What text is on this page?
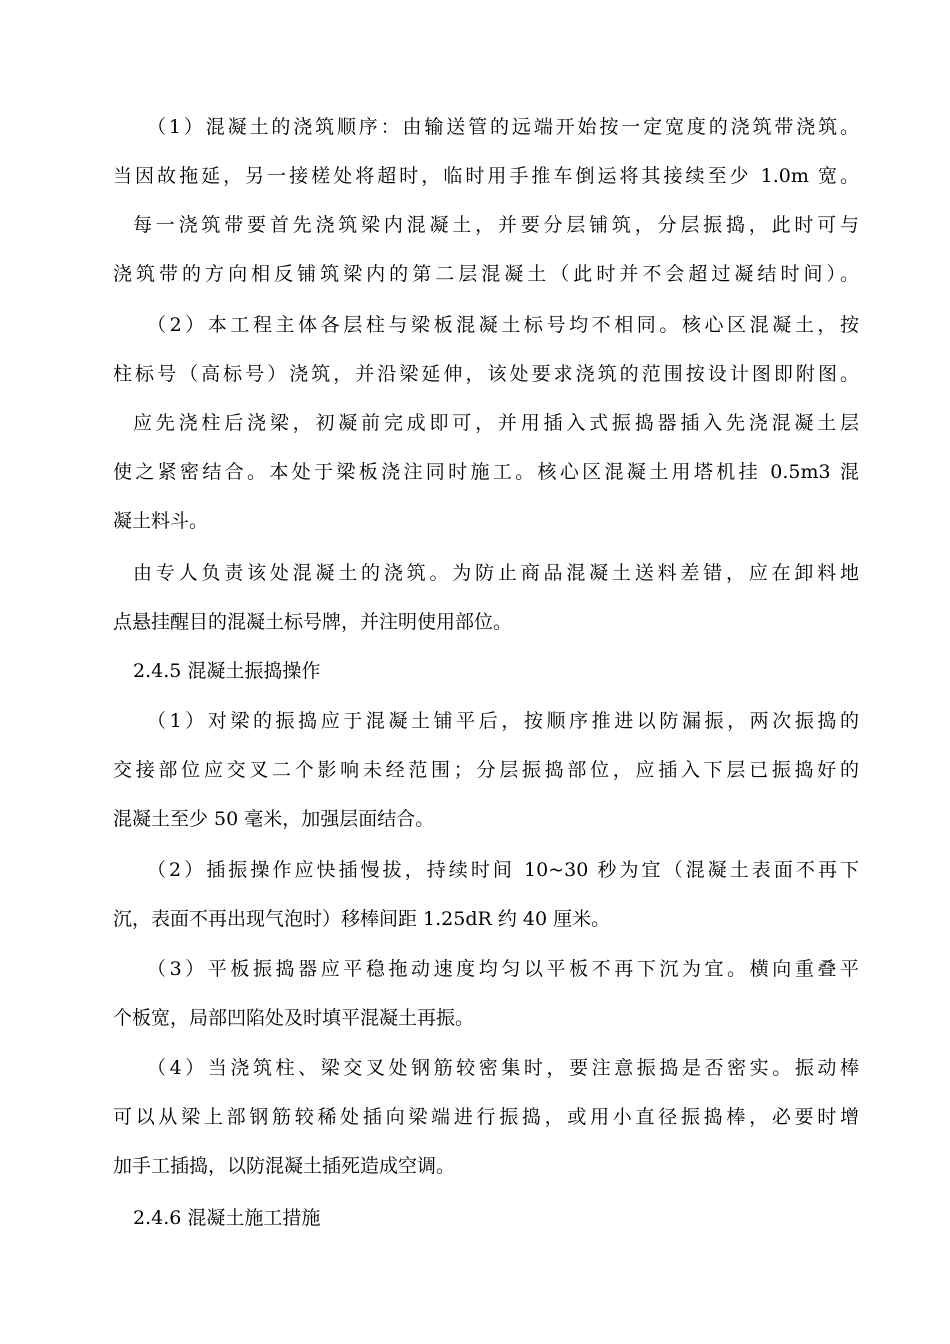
（1）混凝土的浇筑顺序：由输送管的远端开始按一定宽度的浇筑带浇筑。
当因故拖延，另一接槎处将超时，临时用手推车倒运将其接续至少 1.0m 宽。
每一浇筑带要首先浇筑梁内混凝土，并要分层铺筑，分层振捣，此时可与
浇筑带的方向相反铺筑梁内的第二层混凝土（此时并不会超过凝结时间）。
（2）本工程主体各层柱与梁板混凝土标号均不相同。核心区混凝土，按
柱标号（高标号）浇筑，并沿梁延伸，该处要求浇筑的范围按设计图即附图。
应先浇柱后浇梁，初凝前完成即可，并用插入式振捣器插入先浇混凝土层
使之紧密结合。本处于梁板浇注同时施工。核心区混凝土用塔机挂 0.5m3 混
凝土料斗。
由专人负责该处混凝土的浇筑。为防止商品混凝土送料差错，应在卸料地
点悬挂醒目的混凝土标号牌，并注明使用部位。
2.4.5 混凝土振捣操作
（1）对梁的振捣应于混凝土铺平后，按顺序推进以防漏振，两次振捣的
交接部位应交叉二个影响未经范围；分层振捣部位，应插入下层已振捣好的
混凝土至少 50 毫米，加强层面结合。
（2）插振操作应快插慢拔，持续时间 10~30 秒为宜（混凝土表面不再下
沉，表面不再出现气泡时）移棒间距 1.25dR 约 40 厘米。
（3）平板振捣器应平稳拖动速度均匀以平板不再下沉为宜。横向重叠平
个板宽，局部凹陷处及时填平混凝土再振。
（4）当浇筑柱、梁交叉处钢筋较密集时，要注意振捣是否密实。振动棒
可以从梁上部钢筋较稀处插向梁端进行振捣，或用小直径振捣棒，必要时增
加手工插捣，以防混凝土插死造成空调。
2.4.6 混凝土施工措施
